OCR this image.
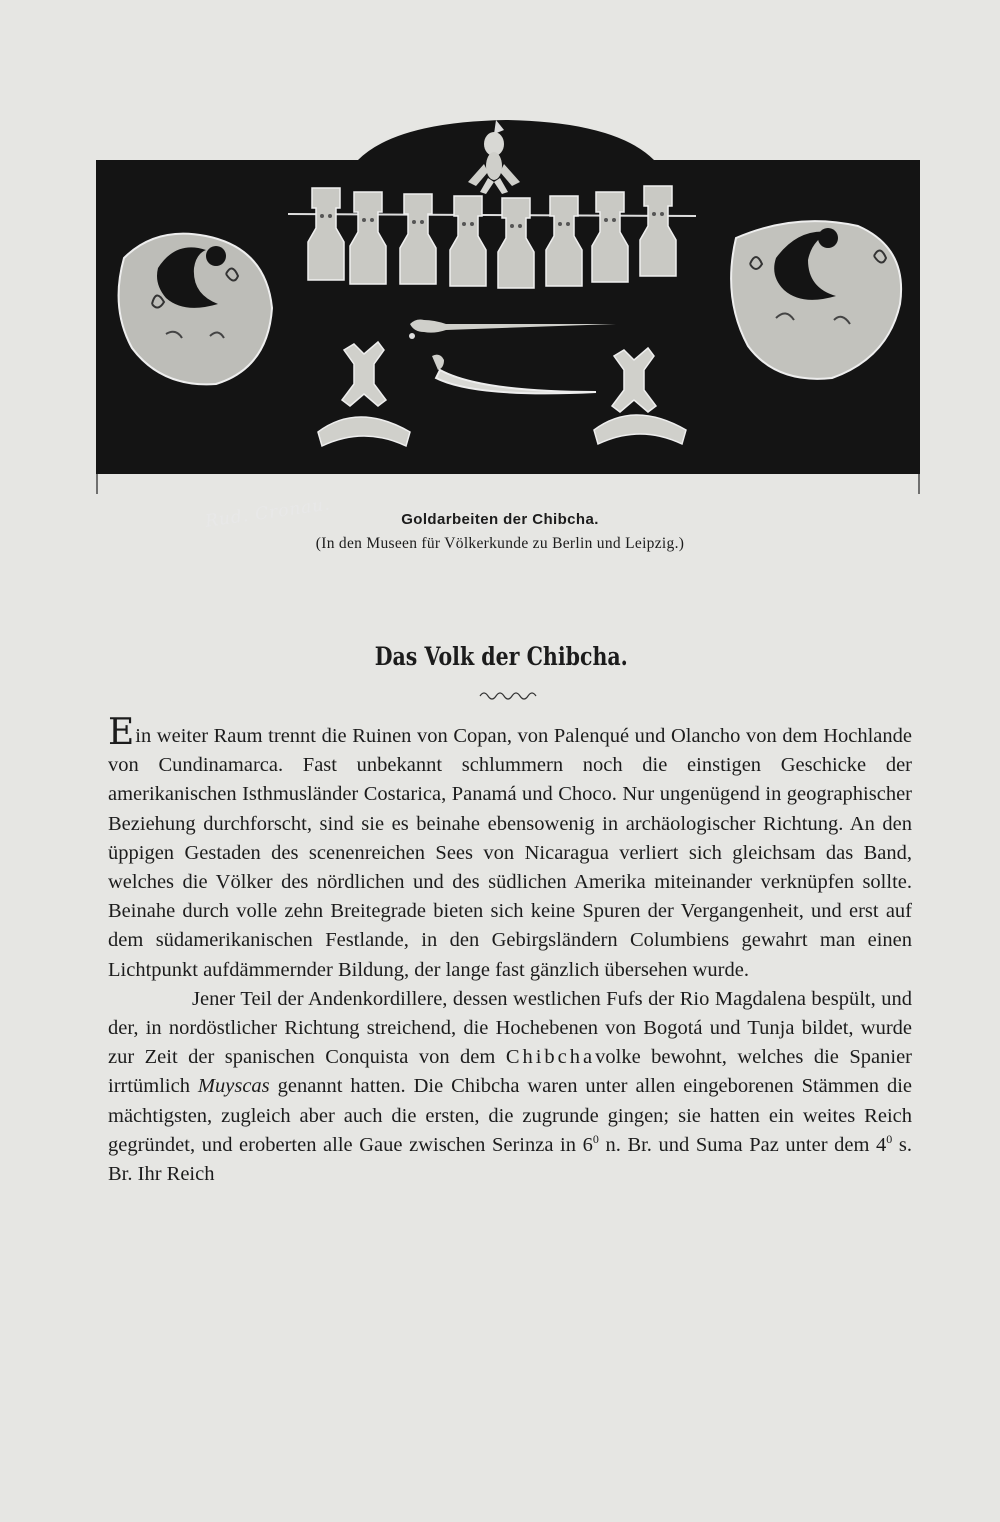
Rud. Cronau.	Goldarbeiten der Chibcha.
(In den Museen für Völkerkunde zu Berlin und Leipzig.)
Das Volk der Chibcha.

Ein weiter Raum trennt die Ruinen von Copan, von Palenqué und Olancho von dem Hochlande von Cundinamarca. Fast unbekannt schlummern noch die einstigen Geschicke der amerikanischen Isthmusländer Costarica, Panamá und Choco. Nur ungenügend in geographischer Beziehung durchforscht, sind sie es beinahe ebensowenig in archäologischer Richtung. An den üppigen Gestaden des scenenreichen Sees von Nicaragua verliert sich gleichsam das Band, welches die Völker des nördlichen und des südlichen Amerika miteinander verknüpfen sollte. Beinahe durch volle zehn Breitegrade bieten sich keine Spuren der Vergangenheit, und erst auf dem südamerikanischen Festlande, in den Gebirgsländern Columbiens gewahrt man einen Lichtpunkt aufdämmernder Bildung, der lange fast gänzlich übersehen wurde.

Jener Teil der Andenkordillere, dessen westlichen Fufs der Rio Magdalena bespült, und der, in nordöstlicher Richtung streichend, die Hochebenen von Bogotá und Tunja bildet, wurde zur Zeit der spanischen Conquista von dem Chibchavolke bewohnt, welches die Spanier irrtümlich Muyscas genannt hatten. Die Chibcha waren unter allen eingeborenen Stämmen die mächtigsten, zugleich aber auch die ersten, die zugrunde gingen; sie hatten ein weites Reich gegründet, und eroberten alle Gaue zwischen Serinza in $6^0$ n. Br. und Suma Paz unter dem $4^0$ s. Br. Ihr Reich
